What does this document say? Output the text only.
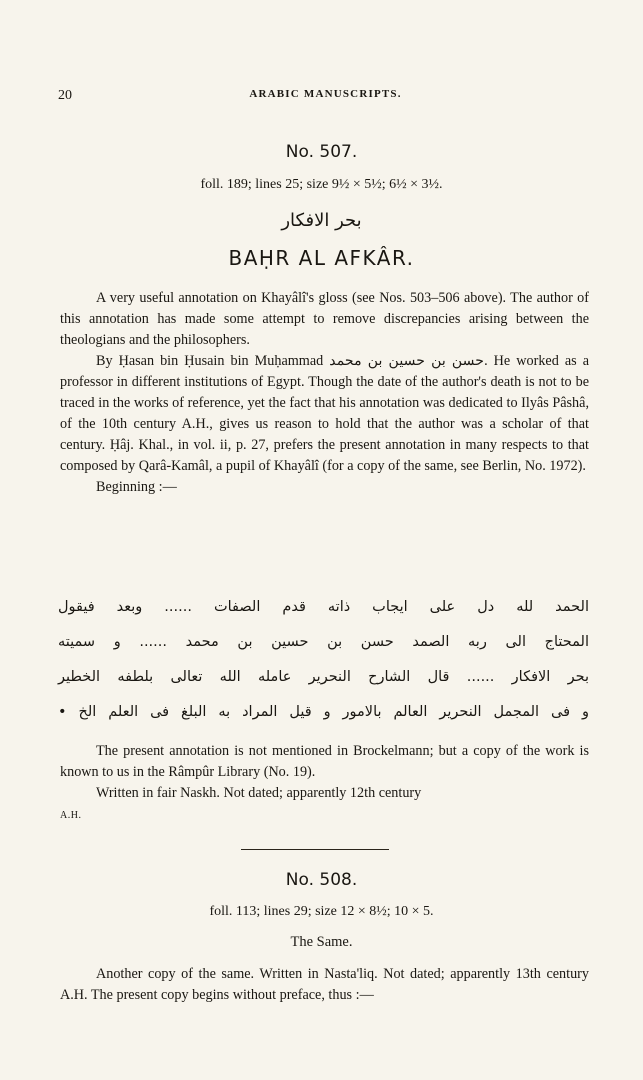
20	ARABIC MANUSCRIPTS.
No. 507.
foll. 189; lines 25; size 9½ × 5½; 6½ × 3½.
بحر الافكار
BAḤR AL AFKÂR.

A very useful annotation on Khayâlî's gloss (see Nos. 503–506 above). The author of this annotation has made some attempt to remove discrepancies arising between the theologians and the philosophers.

By Ḥasan bin Ḥusain bin Muḥammad حسن بن حسين بن محمد. He worked as a professor in different institutions of Egypt. Though the date of the author's death is not to be traced in the works of reference, yet the fact that his annotation was dedicated to Ilyâs Pâshâ, of the 10th century A.H., gives us reason to hold that the author was a scholar of that century. Ḥâj. Khal., in vol. ii, p. 27, prefers the present annotation in many respects to that composed by Qarâ-Kamâl, a pupil of Khayâlî (for a copy of the same, see Berlin, No. 1972).

Beginning :—

الحمد لله دل على ايجاب ذاته قدم الصفات ...... وبعد فيقول
المحتاج الى ربه الصمد حسن بن حسين بن محمد ...... و سميته
بحر الافكار ...... قال الشارح النحرير عامله الله تعالى بلطفه الخطير
و فى المجمل النحرير العالم بالامور و قيل المراد به البلغ فى العلم الخ •

The present annotation is not mentioned in Brockelmann; but a copy of the work is known to us in the Râmpûr Library (No. 19).

Written in fair Naskh. Not dated; apparently 12th century

A.H.

No. 508.
foll. 113; lines 29; size 12 × 8½; 10 × 5.
The Same.

Another copy of the same. Written in Nasta'liq. Not dated; apparently 13th century A.H. The present copy begins without preface, thus :—
